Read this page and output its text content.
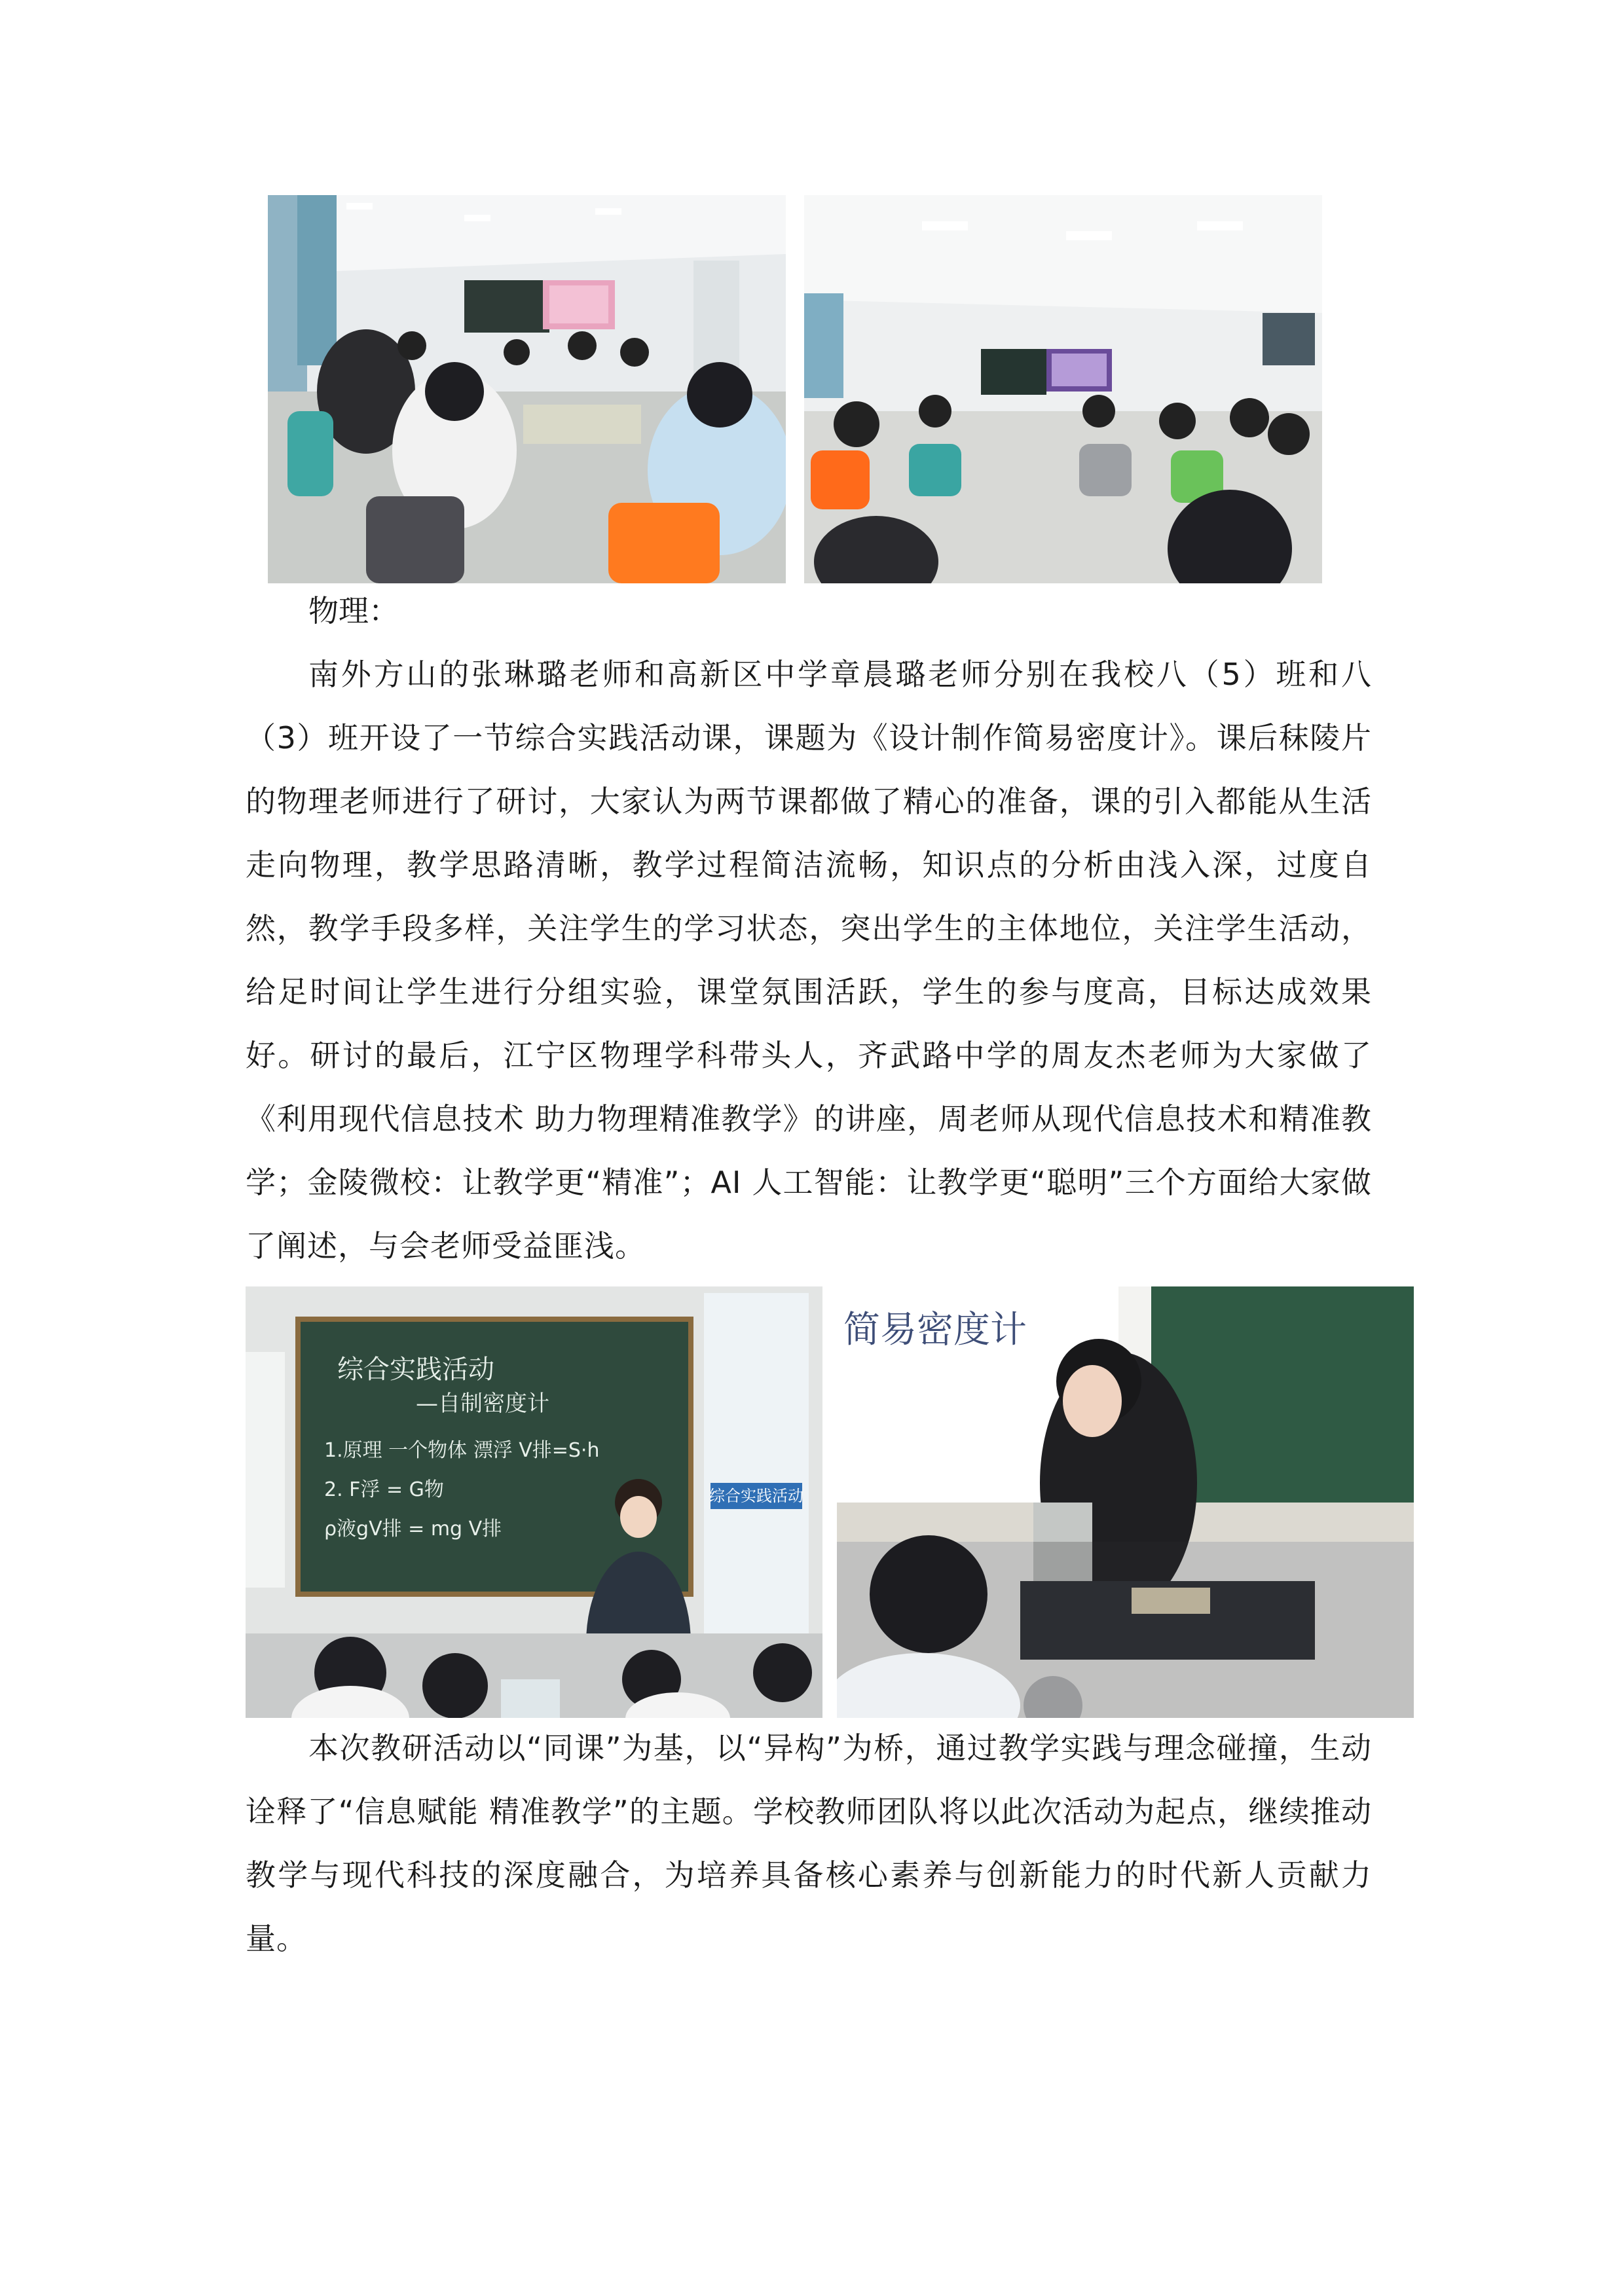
物理：

南外方山的张琳璐老师和高新区中学章晨璐老师分别在我校八（5）班和八（3）班开设了一节综合实践活动课，课题为《设计制作简易密度计》。课后秣陵片的物理老师进行了研讨，大家认为两节课都做了精心的准备，课的引入都能从生活走向物理，教学思路清晰，教学过程简洁流畅，知识点的分析由浅入深，过度自然，教学手段多样，关注学生的学习状态，突出学生的主体地位，关注学生活动，给足时间让学生进行分组实验，课堂氛围活跃，学生的参与度高，目标达成效果好。研讨的最后，江宁区物理学科带头人，齐武路中学的周友杰老师为大家做了《利用现代信息技术 助力物理精准教学》的讲座，周老师从现代信息技术和精准教学；金陵微校：让教学更“精准”；AI 人工智能：让教学更“聪明”三个方面给大家做了阐述，与会老师受益匪浅。

综合实践活动
综合实践活动
—自制密度计
1.原理 一个物体 漂浮 V排=S·h
2. F浮 = G物
ρ液gV排 = mg V排
简易密度计

本次教研活动以“同课”为基，以“异构”为桥，通过教学实践与理念碰撞，生动诠释了“信息赋能 精准教学”的主题。学校教师团队将以此次活动为起点，继续推动教学与现代科技的深度融合，为培养具备核心素养与创新能力的时代新人贡献力量。
